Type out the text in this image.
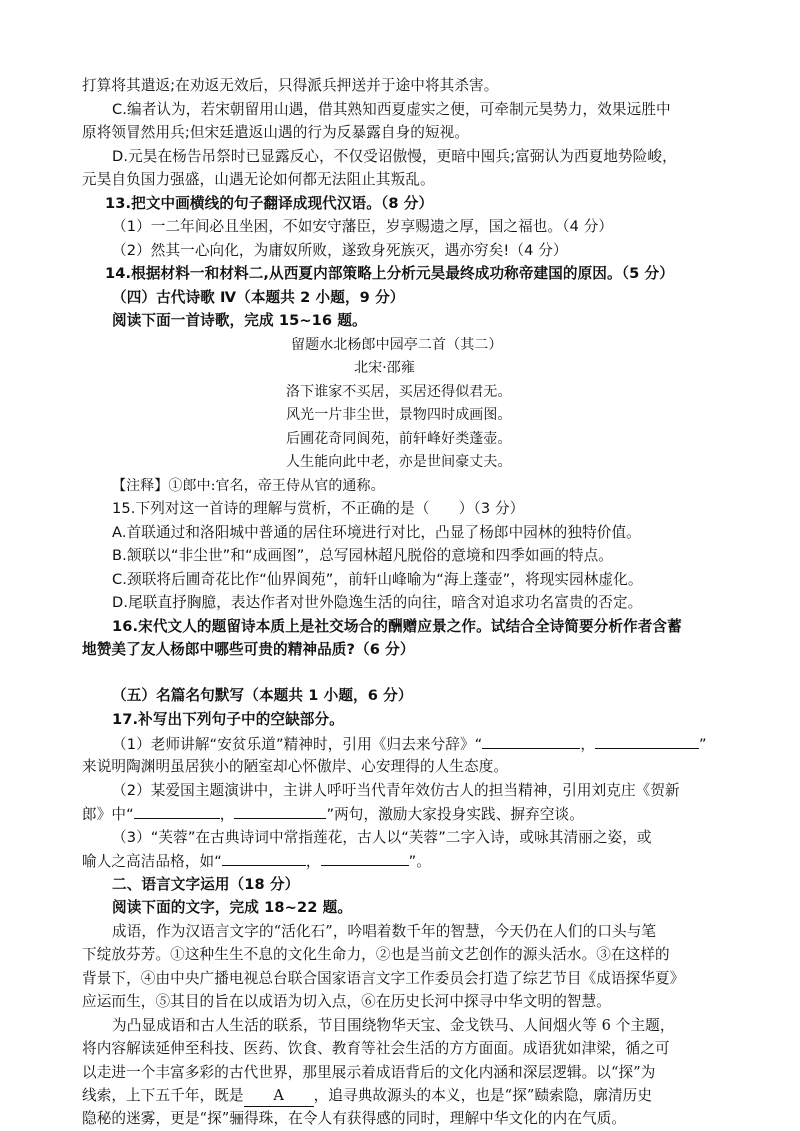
打算将其遣返;在劝返无效后，只得派兵押送并于途中将其杀害。
C.编者认为，若宋朝留用山遇，借其熟知西夏虚实之便，可牵制元昊势力，效果远胜中
原将领冒然用兵;但宋廷遣返山遇的行为反暴露自身的短视。
D.元昊在杨告吊祭时已显露反心，不仅受诏傲慢，更暗中囤兵;富弼认为西夏地势险峻，
元昊自负国力强盛，山遇无论如何都无法阻止其叛乱。
13.把文中画横线的句子翻译成现代汉语。（8 分）
（1）一二年间必且坐困，不如安守藩臣，岁享赐遗之厚，国之福也。（4 分）
（2）然其一心向化，为庸奴所败，遂致身死族灭，遇亦穷矣!（4 分）
14.根据材料一和材料二,从西夏内部策略上分析元昊最终成功称帝建国的原因。（5 分）
（四）古代诗歌 Ⅳ（本题共 2 小题，9 分）
阅读下面一首诗歌，完成 15~16 题。
留题水北杨郎中园亭二首（其二）
北宋·邵雍
洛下谁家不买居，买居还得似君无。
风光一片非尘世，景物四时成画图。
后圃花奇同阆苑，前轩峰好类蓬壶。
人生能向此中老，亦是世间豪丈夫。
【注释】①郎中:官名，帝王侍从官的通称。
15.下列对这一首诗的理解与赏析，不正确的是（　　）（3 分）
A.首联通过和洛阳城中普通的居住环境进行对比，凸显了杨郎中园林的独特价值。
B.颔联以“非尘世”和“成画图”，总写园林超凡脱俗的意境和四季如画的特点。
C.颈联将后圃奇花比作“仙界阆苑”，前轩山峰喻为“海上蓬壶”，将现实园林虚化。
D.尾联直抒胸臆，表达作者对世外隐逸生活的向往，暗含对追求功名富贵的否定。
16.宋代文人的题留诗本质上是社交场合的酬赠应景之作。试结合全诗简要分析作者含蓄
地赞美了友人杨郎中哪些可贵的精神品质?（6 分）
（五）名篇名句默写（本题共 1 小题，6 分）
17.补写出下列句子中的空缺部分。
（1）老师讲解“安贫乐道”精神时，引用《归去来兮辞》“	，	”
来说明陶渊明虽居狭小的陋室却心怀傲岸、心安理得的人生态度。
（2）某爱国主题演讲中，主讲人呼吁当代青年效仿古人的担当精神，引用刘克庄《贺新
郎》中“	，	”两句，激励大家投身实践、摒弃空谈。
（3）“芙蓉”在古典诗词中常指莲花，古人以“芙蓉”二字入诗，或咏其清丽之姿，或
喻人之高洁品格，如“	，	”。
二、语言文字运用（18 分）
阅读下面的文字，完成 18~22 题。
成语，作为汉语言文字的“活化石”，吟唱着数千年的智慧，今天仍在人们的口头与笔
下绽放芬芳。①这种生生不息的文化生命力，②也是当前文艺创作的源头活水。③在这样的
背景下，④由中央广播电视总台联合国家语言文字工作委员会打造了综艺节目《成语探华夏》
应运而生，⑤其目的旨在以成语为切入点，⑥在历史长河中探寻中华文明的智慧。
为凸显成语和古人生活的联系，节目围绕物华天宝、金戈铁马、人间烟火等 6 个主题，
将内容解读延伸至科技、医药、饮食、教育等社会生活的方方面面。成语犹如津梁，循之可
以走进一个丰富多彩的古代世界，那里展示着成语背后的文化内涵和深层逻辑。以“探”为
线索，上下五千年，既是 A ，追寻典故源头的本义，也是“探”赜索隐，廓清历史
隐秘的迷雾，更是“探”骊得珠，在令人有获得感的同时，理解中华文化的内在气质。
